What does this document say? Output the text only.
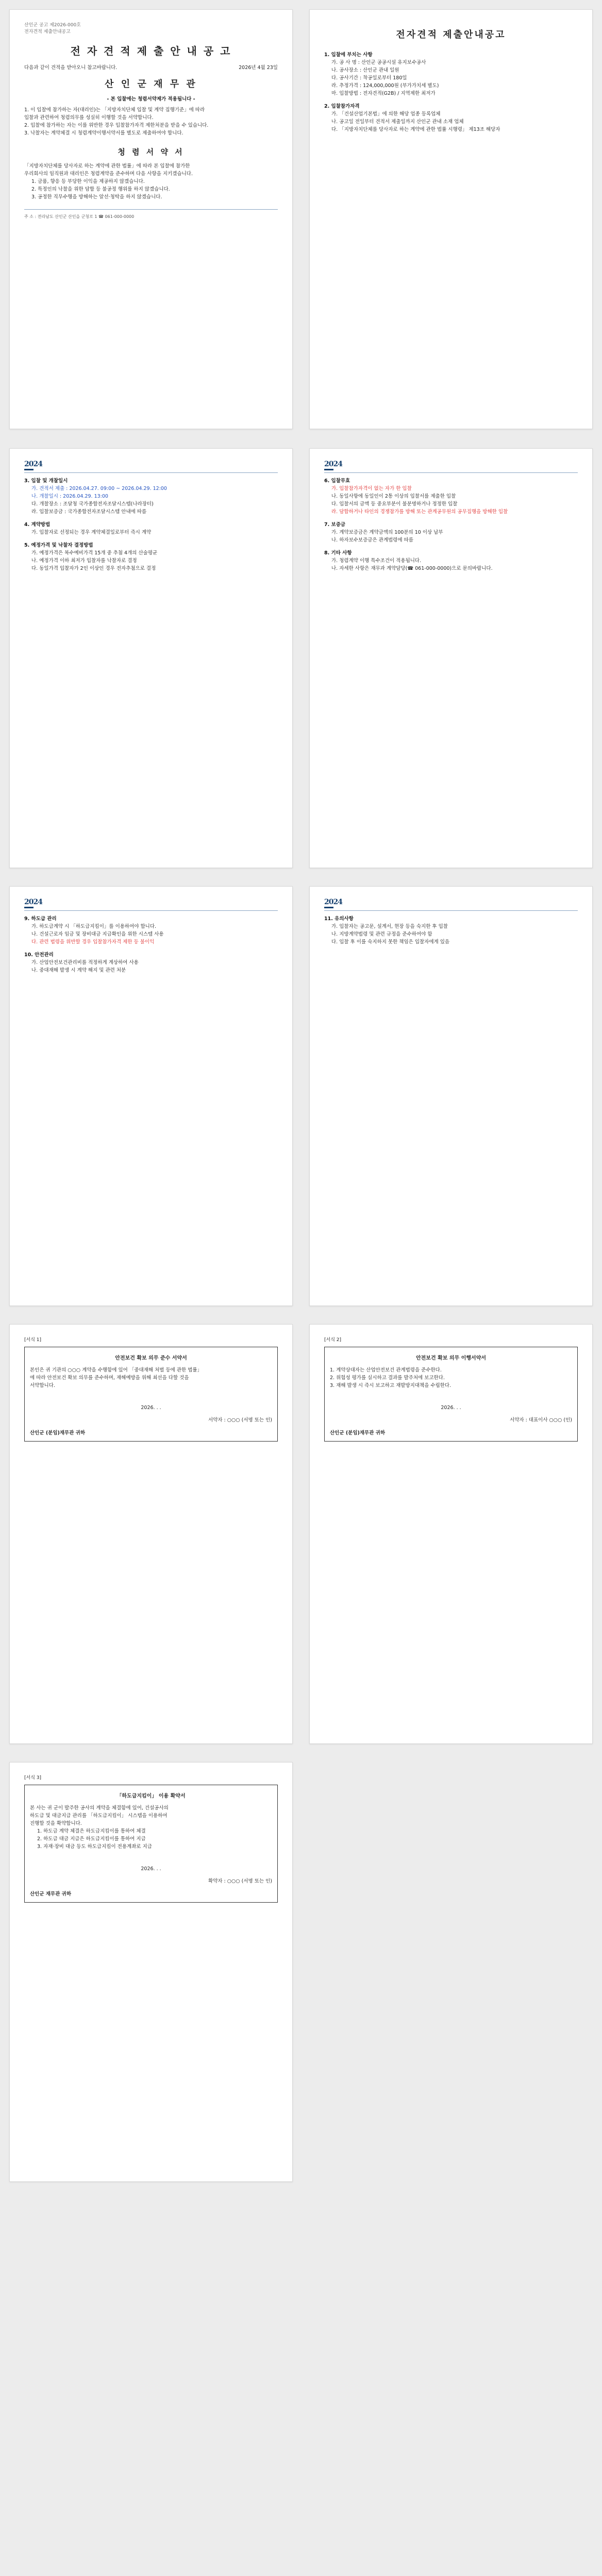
산인군 공고 제2026-000호
전자견적 제출안내공고
전 자 견 적 제 출 안 내 공 고
다음과 같이 견적을 받아오니 참고바랍니다.	2026년 4월 23일
산 인 군 재 무 관
- 본 입찰에는 청렴서약제가 적용됩니다 -
1. 이 입찰에 참가하는 자(대리인)는 「지방자치단체 입찰 및 계약 집행기준」에 따라
입찰과 관련하여 청렴의무를 성실히 이행할 것을 서약합니다.
2. 입찰에 참가하는 자는 이를 위반한 경우 입찰참가자격 제한처분을 받을 수 있습니다.
3. 낙찰자는 계약체결 시 청렴계약이행서약서를 별도로 제출하여야 합니다.
청 렴 서 약 서
「지방자치단체를 당사자로 하는 계약에 관한 법률」에 따라 본 입찰에 참가한
우리회사의 임직원과 대리인은 청렴계약을 준수하며 다음 사항을 지키겠습니다.
1. 금품, 향응 등 부당한 이익을 제공하지 않겠습니다.
2. 특정인의 낙찰을 위한 담합 등 불공정 행위를 하지 않겠습니다.
3. 공정한 직무수행을 방해하는 알선·청탁을 하지 않겠습니다.
주 소 : 전라남도 산인군 산인읍 군청로 1 ☎ 061-000-0000
전자견적 제출안내공고
1. 입찰에 부치는 사항
가. 공 사 명 : 산인군 공공시설 유지보수공사
나. 공사장소 : 산인군 관내 일원
다. 공사기간 : 착공일로부터 180일
라. 추정가격 : 124,000,000원 (부가가치세 별도)
마. 입찰방법 : 전자견적(G2B) / 지역제한 최저가
2. 입찰참가자격
가. 「건설산업기본법」에 의한 해당 업종 등록업체
나. 공고일 전일부터 견적서 제출일까지 산인군 관내 소재 업체
다. 「지방자치단체를 당사자로 하는 계약에 관한 법률 시행령」 제13조 해당자
2024
3. 입찰 및 개찰일시
가. 견적서 제출 : 2026.04.27. 09:00 ~ 2026.04.29. 12:00
나. 개찰일시 : 2026.04.29. 13:00
다. 개찰장소 : 조달청 국가종합전자조달시스템(나라장터)
라. 입찰보증금 : 국가종합전자조달시스템 안내에 따름
4. 계약방법
가. 입찰자로 선정되는 경우 계약체결일로부터 즉시 계약
5. 예정가격 및 낙찰자 결정방법
가. 예정가격은 복수예비가격 15개 중 추첨 4개의 산술평균
나. 예정가격 이하 최저가 입찰자를 낙찰자로 결정
다. 동일가격 입찰자가 2인 이상인 경우 전자추첨으로 결정
2024
6. 입찰무효
가. 입찰참가자격이 없는 자가 한 입찰
나. 동일사항에 동일인이 2통 이상의 입찰서를 제출한 입찰
다. 입찰서의 금액 등 중요부분이 불분명하거나 정정한 입찰
라. 담합하거나 타인의 경쟁참가를 방해 또는 관계공무원의 공무집행을 방해한 입찰
7. 보증금
가. 계약보증금은 계약금액의 100분의 10 이상 납부
나. 하자보수보증금은 관계법령에 따름
8. 기타 사항
가. 청렴계약 이행 특수조건이 적용됩니다.
나. 자세한 사항은 재무과 계약담당(☎ 061-000-0000)으로 문의바랍니다.
2024
9. 하도급 관리
가. 하도급계약 시 「하도급지킴이」를 이용하여야 합니다.
나. 건설근로자 임금 및 장비대금 지급확인을 위한 시스템 사용
다. 관련 법령을 위반할 경우 입찰참가자격 제한 등 불이익
10. 안전관리
가. 산업안전보건관리비를 적정하게 계상하여 사용
나. 중대재해 발생 시 계약 해지 및 관련 처분
2024
11. 유의사항
가. 입찰자는 공고문, 설계서, 현장 등을 숙지한 후 입찰
나. 지방계약법령 및 관련 규정을 준수하여야 함
다. 입찰 후 이를 숙지하지 못한 책임은 입찰자에게 있음
[서식 1]
안전보건 확보 의무 준수 서약서
본인은 귀 기관의 ○○○ 계약을 수행함에 있어 「중대재해 처벌 등에 관한 법률」
에 따라 안전보건 확보 의무를 준수하며, 재해예방을 위해 최선을 다할 것을
서약합니다.
2026. . .
서약자 : ○○○ (서명 또는 인)
산인군 (분임)재무관 귀하
[서식 2]
안전보건 확보 의무 이행서약서
1. 계약상대자는 산업안전보건 관계법령을 준수한다.
2. 위험성 평가를 실시하고 결과를 발주처에 보고한다.
3. 재해 발생 시 즉시 보고하고 재발방지대책을 수립한다.
2026. . .
서약자 : 대표이사 ○○○ (인)
산인군 (분임)재무관 귀하
[서식 3]
「하도급지킴이」 이용 확약서
본 사는 귀 군이 발주한 공사의 계약을 체결함에 있어, 건설공사의
하도급 및 대금지급 관리를 「하도급지킴이」 시스템을 이용하여
진행할 것을 확약합니다.
1. 하도급 계약 체결은 하도급지킴이를 통하여 체결
2. 하도급 대금 지급은 하도급지킴이를 통하여 지급
3. 자재·장비 대금 등도 하도급지킴이 전용계좌로 지급
2026. . .
확약자 : ○○○ (서명 또는 인)
산인군 재무관 귀하
